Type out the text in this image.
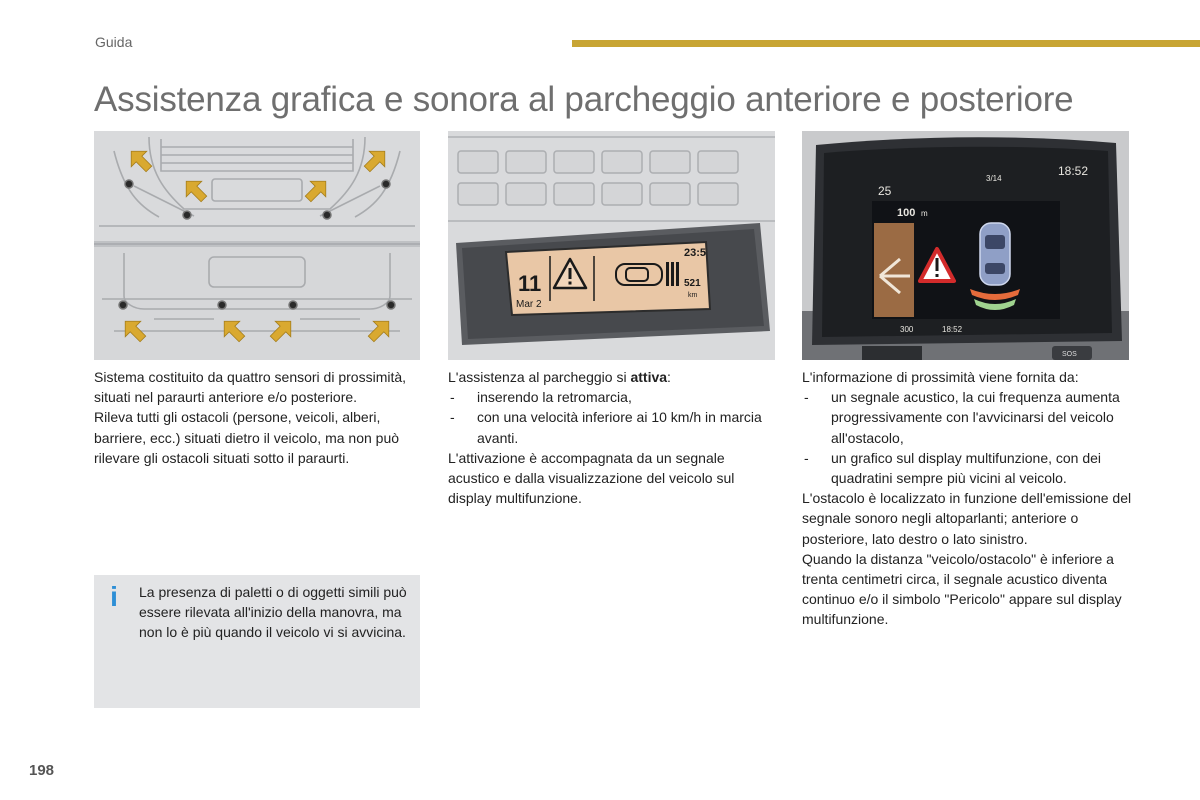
Guida
Assistenza grafica e sonora al parcheggio anteriore e posteriore
11
Mar 2
23:5
521
km
25
3/14
18:52
100 m
300	18:52
SOS

Sistema costituito da quattro sensori di prossimità, situati nel paraurti anteriore e/o posteriore.

Rileva tutti gli ostacoli (persone, veicoli, alberi, barriere, ecc.) situati dietro il veicolo, ma non può rilevare gli ostacoli situati sotto il paraurti.

L'assistenza al parcheggio si attiva:

- inserendo la retromarcia,
- con una velocità inferiore ai 10 km/h in marcia avanti.

L'attivazione è accompagnata da un segnale acustico e dalla visualizzazione del veicolo sul display multifunzione.

L'informazione di prossimità viene fornita da:

- un segnale acustico, la cui frequenza aumenta progressivamente con l'avvicinarsi del veicolo all'ostacolo,
- un grafico sul display multifunzione, con dei quadratini sempre più vicini al veicolo.

L'ostacolo è localizzato in funzione dell'emissione del segnale sonoro negli altoparlanti; anteriore o posteriore, lato destro o lato sinistro.

Quando la distanza "veicolo/ostacolo" è inferiore a trenta centimetri circa, il segnale acustico diventa continuo e/o il simbolo "Pericolo" appare sul display multifunzione.

i La presenza di paletti o di oggetti simili può essere rilevata all'inizio della manovra, ma non lo è più quando il veicolo vi si avvicina.

198
